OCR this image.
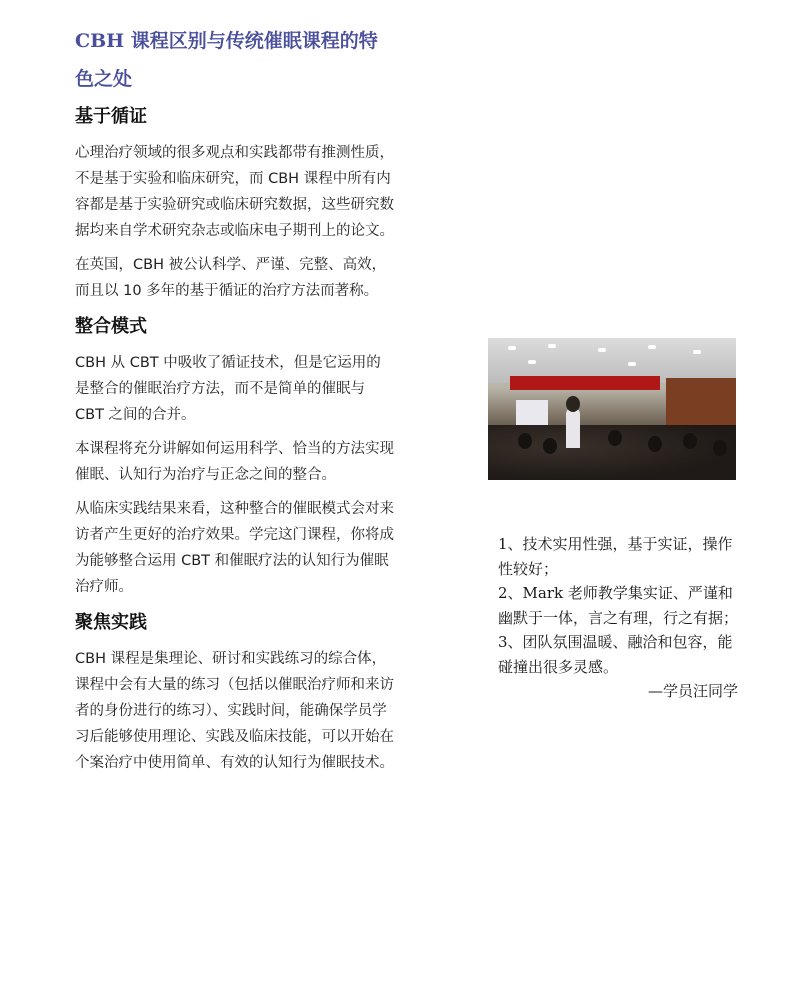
CBH 课程区别与传统催眠课程的特色之处
基于循证

心理治疗领域的很多观点和实践都带有推测性质，不是基于实验和临床研究，而 CBH 课程中所有内容都是基于实验研究或临床研究数据，这些研究数据均来自学术研究杂志或临床电子期刊上的论文。

在英国，CBH 被公认科学、严谨、完整、高效，而且以 10 多年的基于循证的治疗方法而著称。

整合模式

CBH 从 CBT 中吸收了循证技术，但是它运用的是整合的催眠治疗方法，而不是简单的催眠与 CBT 之间的合并。

本课程将充分讲解如何运用科学、恰当的方法实现催眠、认知行为治疗与正念之间的整合。

从临床实践结果来看，这种整合的催眠模式会对来访者产生更好的治疗效果。学完这门课程，你将成为能够整合运用 CBT 和催眠疗法的认知行为催眠治疗师。

聚焦实践

CBH 课程是集理论、研讨和实践练习的综合体，课程中会有大量的练习（包括以催眠治疗师和来访者的身份进行的练习）、实践时间，能确保学员学习后能够使用理论、实践及临床技能，可以开始在个案治疗中使用简单、有效的认知行为催眠技术。

1、技术实用性强，基于实证，操作性较好；

2、Mark 老师教学集实证、严谨和幽默于一体，言之有理，行之有据；

3、团队氛围温暖、融洽和包容，能碰撞出很多灵感。

—学员汪同学
